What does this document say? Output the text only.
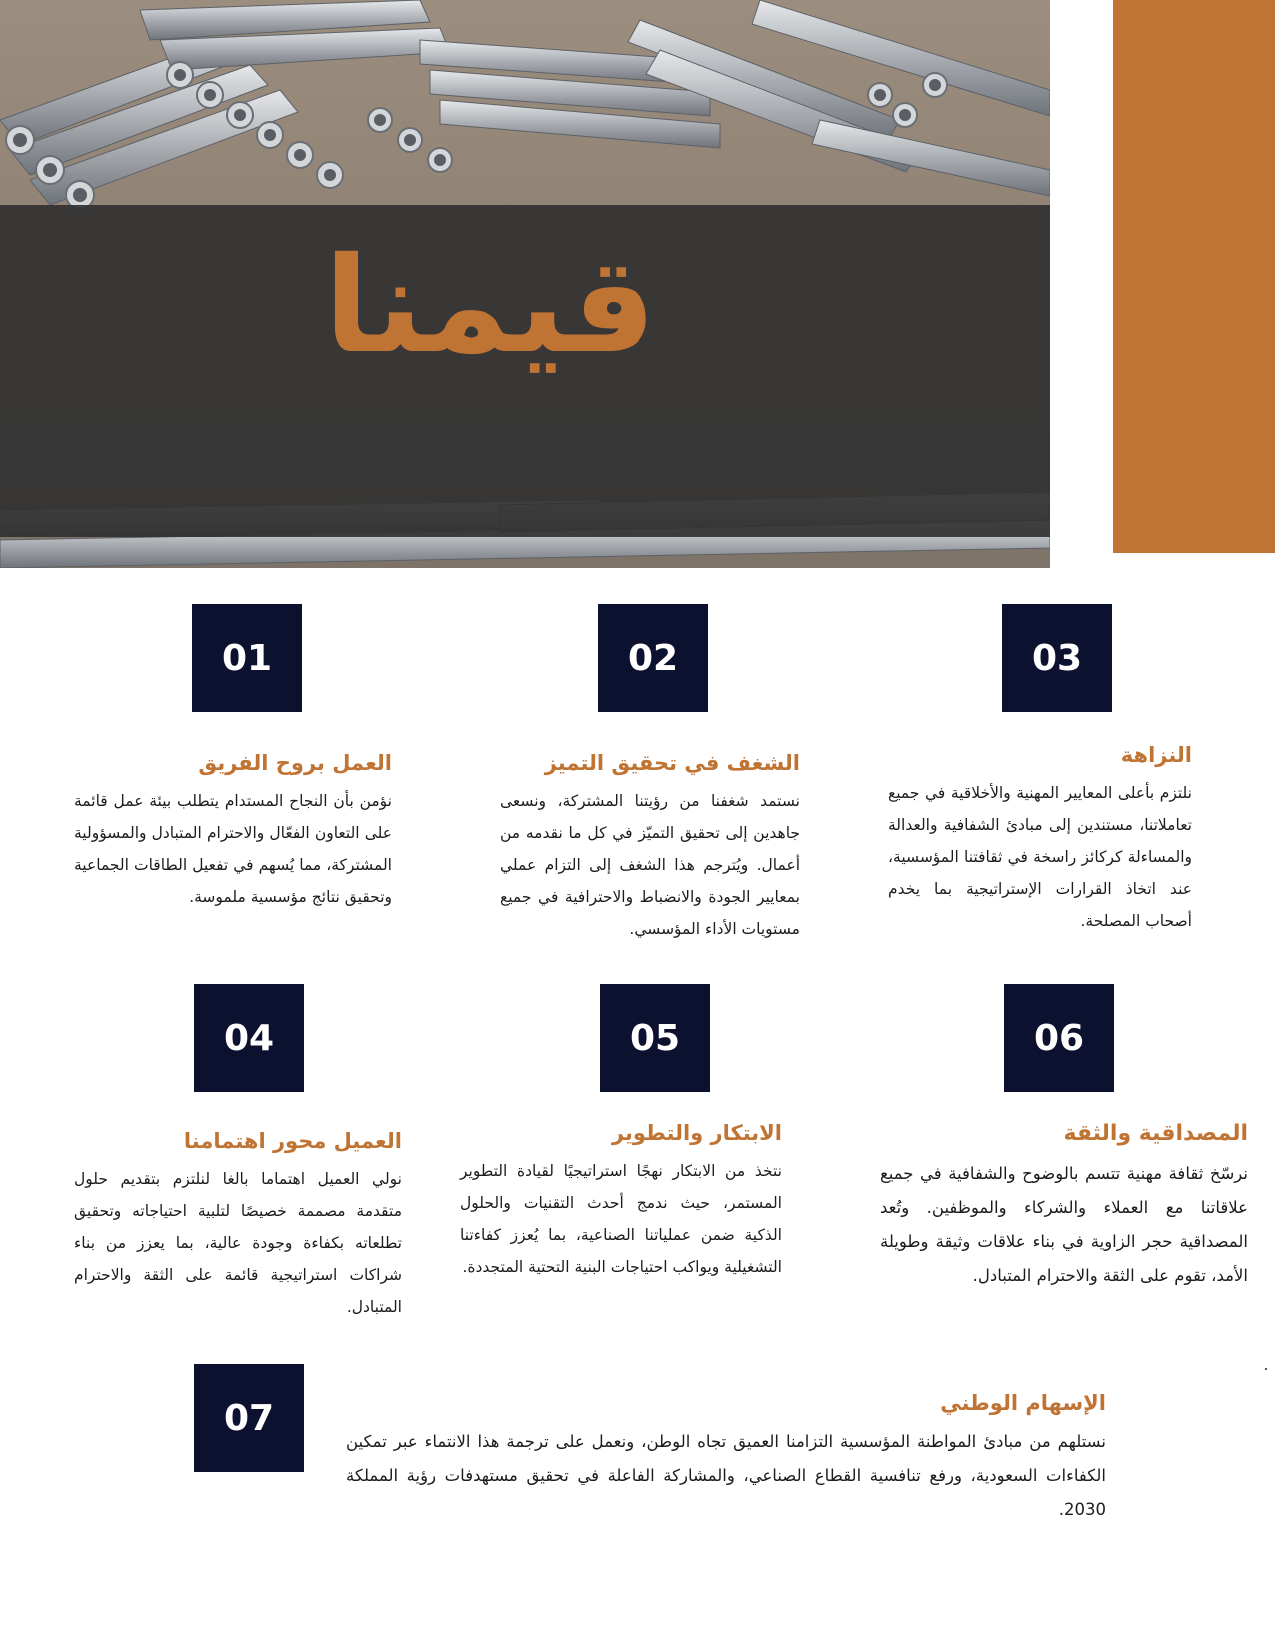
قيمنا
01	02	03
العمل بروح الفريق

نؤمن بأن النجاح المستدام يتطلب بيئة عمل قائمة على التعاون الفعّال والاحترام المتبادل والمسؤولية المشتركة، مما يُسهم في تفعيل الطاقات الجماعية وتحقيق نتائج مؤسسية ملموسة.

الشغف في تحقيق التميز

نستمد شغفنا من رؤيتنا المشتركة، ونسعى جاهدين إلى تحقيق التميّز في كل ما نقدمه من أعمال. ويُترجم هذا الشغف إلى التزام عملي بمعايير الجودة والانضباط والاحترافية في جميع مستويات الأداء المؤسسي.

النزاهة

نلتزم بأعلى المعايير المهنية والأخلاقية في جميع تعاملاتنا، مستندين إلى مبادئ الشفافية والعدالة والمساءلة كركائز راسخة في ثقافتنا المؤسسية، عند اتخاذ القرارات الإستراتيجية بما يخدم أصحاب المصلحة.

04	05	06
العميل محور اهتمامنا

نولي العميل اهتماما بالغا لنلتزم بتقديم حلول متقدمة مصممة خصيصًا لتلبية احتياجاته وتحقيق تطلعاته بكفاءة وجودة عالية، بما يعزز من بناء شراكات استراتيجية قائمة على الثقة والاحترام المتبادل.

الابتكار والتطوير

نتخذ من الابتكار نهجًا استراتيجيًا لقيادة التطوير المستمر، حيث ندمج أحدث التقنيات والحلول الذكية ضمن عملياتنا الصناعية، بما يُعزز كفاءتنا التشغيلية ويواكب احتياجات البنية التحتية المتجددة.

المصداقية والثقة

نرسّخ ثقافة مهنية تتسم بالوضوح والشفافية في جميع علاقاتنا مع العملاء والشركاء والموظفين. وتُعد المصداقية حجر الزاوية في بناء علاقات وثيقة وطويلة الأمد، تقوم على الثقة والاحترام المتبادل.

07	الإسهام الوطني

نستلهم من مبادئ المواطنة المؤسسية التزامنا العميق تجاه الوطن، ونعمل على ترجمة هذا الانتماء عبر تمكين الكفاءات السعودية، ورفع تنافسية القطاع الصناعي، والمشاركة الفاعلة في تحقيق مستهدفات رؤية المملكة 2030.
